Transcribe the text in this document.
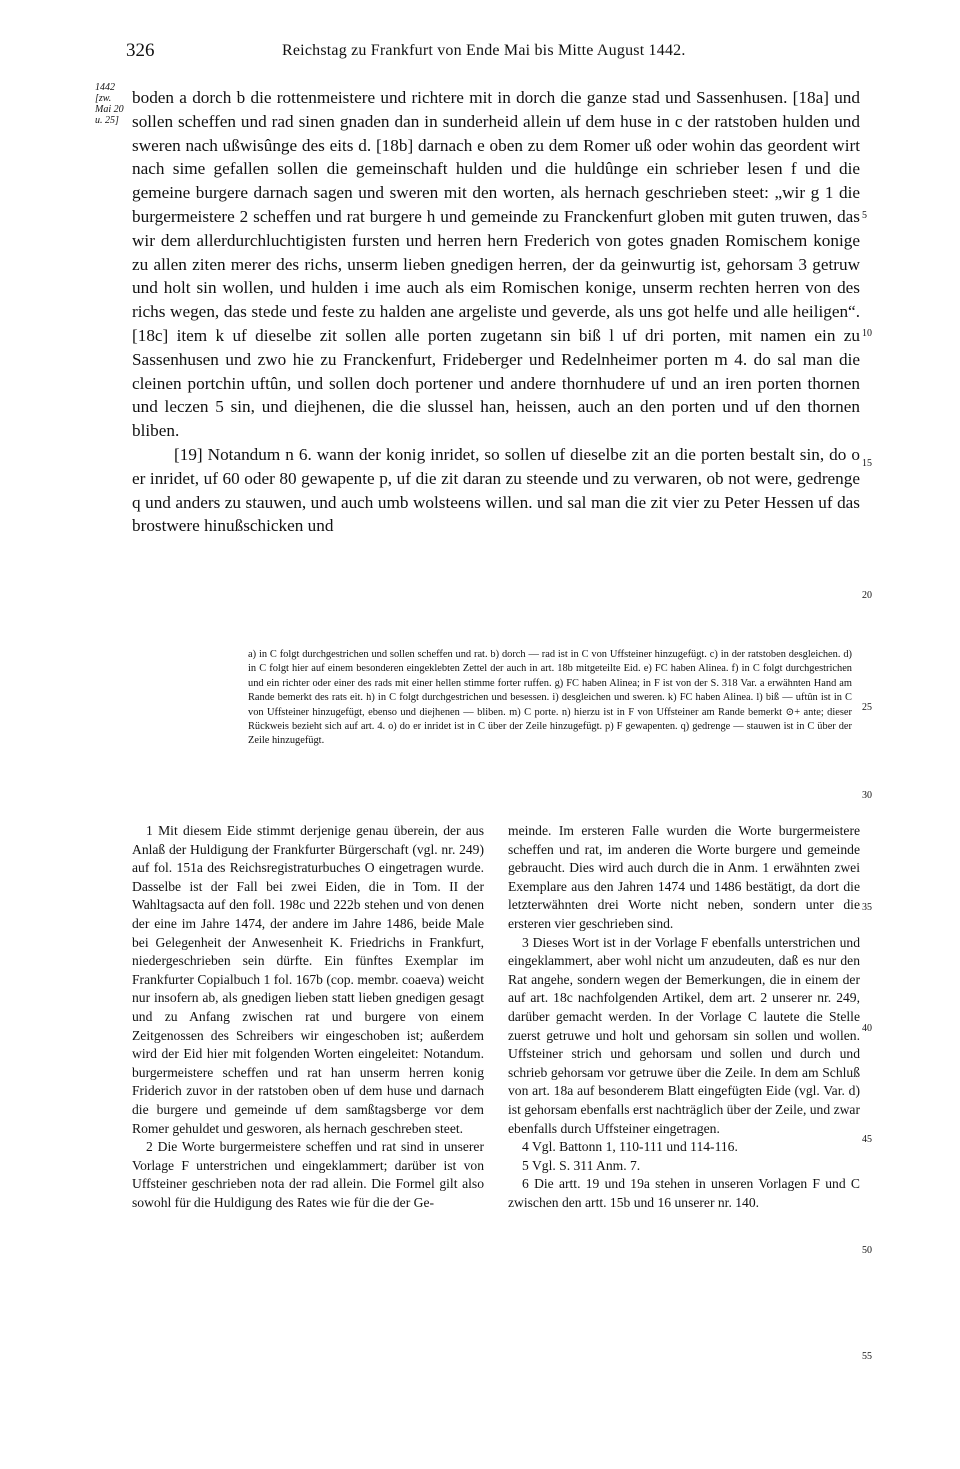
326	Reichstag zu Frankfurt von Ende Mai bis Mitte August 1442.
1442 [zw. Mai 20 u. 25]

boden a dorch b die rottenmeistere und richtere mit in dorch die ganze stad und Sassenhusen. [18a] und sollen scheffen und rad sinen gnaden dan in sunderheid allein uf dem huse in c der ratstoben hulden und sweren nach ußwisûnge des eits d. [18b] darnach e oben zu dem Romer uß oder wohin das geordent wirt nach sime gefallen sollen die gemeinschaft hulden und die huldûnge ein schrieber lesen f und die gemeine burgere darnach sagen und sweren mit den worten, als hernach geschrieben steet: „wir g 1 die burgermeistere 2 scheffen und rat burgere h und gemeinde zu Franckenfurt globen mit guten truwen, das wir dem allerdurchluchtigisten fursten und herren hern Frederich von gotes gnaden Romischem konige zu allen ziten merer des richs, unserm lieben gnedigen herren, der da geinwurtig ist, gehorsam 3 getruw und holt sin wollen, und hulden i ime auch als eim Romischen konige, unserm rechten herren von des richs wegen, das stede und feste zu halden ane argeliste und geverde, als uns got helfe und alle heiligen“. [18c] item k uf dieselbe zit sollen alle porten zugetann sin biß l uf dri porten, mit namen ein zu Sassenhusen und zwo hie zu Franckenfurt, Frideberger und Redelnheimer porten m 4. do sal man die cleinen portchin uftûn, und sollen doch portener und andere thornhudere uf und an iren porten thornen und leczen 5 sin, und diejhenen, die die slussel han, heissen, auch an den porten und uf den thornen bliben.

[19] Notandum n 6. wann der konig inridet, so sollen uf dieselbe zit an die porten bestalt sin, do o er inridet, uf 60 oder 80 gewapente p, uf die zit daran zu steende und zu verwaren, ob not were, gedrenge q und anders zu stauwen, und auch umb wolsteens willen. und sal man die zit vier zu Peter Hessen uf das brostwere hinußschicken und

5
10
15
20
25
30
35
40
45
50
55
a) in C folgt durchgestrichen und sollen scheffen und rat. b) dorch — rad ist in C von Uffsteiner hinzugefügt. c) in der ratstoben desgleichen. d) in C folgt hier auf einem besonderen eingeklebten Zettel der auch in art. 18b mitgeteilte Eid. e) FC haben Alinea. f) in C folgt durchgestrichen und ein richter oder einer des rads mit einer hellen stimme forter ruffen. g) FC haben Alinea; in F ist von der S. 318 Var. a erwähnten Hand am Rande bemerkt des rats eit. h) in C folgt durchgestrichen und besessen. i) desgleichen und sweren. k) FC haben Alinea. l) biß — uftûn ist in C von Uffsteiner hinzugefügt, ebenso und diejhenen — bliben. m) C porte. n) hierzu ist in F von Uffsteiner am Rande bemerkt ⊙+ ante; dieser Rückweis bezieht sich auf art. 4. o) do er inridet ist in C über der Zeile hinzugefügt. p) F gewapenten. q) gedrenge — stauwen ist in C über der Zeile hinzugefügt.

1 Mit diesem Eide stimmt derjenige genau überein, der aus Anlaß der Huldigung der Frankfurter Bürgerschaft (vgl. nr. 249) auf fol. 151a des Reichsregistraturbuches O eingetragen wurde. Dasselbe ist der Fall bei zwei Eiden, die in Tom. II der Wahltagsacta auf den foll. 198c und 222b stehen und von denen der eine im Jahre 1474, der andere im Jahre 1486, beide Male bei Gelegenheit der Anwesenheit K. Friedrichs in Frankfurt, niedergeschrieben sein dürfte. Ein fünftes Exemplar im Frankfurter Copialbuch 1 fol. 167b (cop. membr. coaeva) weicht nur insofern ab, als gnedigen lieben statt lieben gnedigen gesagt und zu Anfang zwischen rat und burgere von einem Zeitgenossen des Schreibers wir eingeschoben ist; außerdem wird der Eid hier mit folgenden Worten eingeleitet: Notandum. burgermeistere scheffen und rat han unserm herren konig Friderich zuvor in der ratstoben oben uf dem huse und darnach die burgere und gemeinde uf dem samßtagsberge vor dem Romer gehuldet und gesworen, als hernach geschreben steet.

2 Die Worte burgermeistere scheffen und rat sind in unserer Vorlage F unterstrichen und eingeklammert; darüber ist von Uffsteiner geschrieben nota der rad allein. Die Formel gilt also sowohl für die Huldigung des Rates wie für die der Ge-

meinde. Im ersteren Falle wurden die Worte burgermeistere scheffen und rat, im anderen die Worte burgere und gemeinde gebraucht. Dies wird auch durch die in Anm. 1 erwähnten zwei Exemplare aus den Jahren 1474 und 1486 bestätigt, da dort die letzterwähnten drei Worte nicht neben, sondern unter die ersteren vier geschrieben sind.

3 Dieses Wort ist in der Vorlage F ebenfalls unterstrichen und eingeklammert, aber wohl nicht um anzudeuten, daß es nur den Rat angehe, sondern wegen der Bemerkungen, die in einem der auf art. 18c nachfolgenden Artikel, dem art. 2 unserer nr. 249, darüber gemacht werden. In der Vorlage C lautete die Stelle zuerst getruwe und holt und gehorsam sin sollen und wollen. Uffsteiner strich und gehorsam und sollen und durch und schrieb gehorsam vor getruwe über die Zeile. In dem am Schluß von art. 18a auf besonderem Blatt eingefügten Eide (vgl. Var. d) ist gehorsam ebenfalls erst nachträglich über der Zeile, und zwar ebenfalls durch Uffsteiner eingetragen.

4 Vgl. Battonn 1, 110-111 und 114-116.

5 Vgl. S. 311 Anm. 7.

6 Die artt. 19 und 19a stehen in unseren Vorlagen F und C zwischen den artt. 15b und 16 unserer nr. 140.
